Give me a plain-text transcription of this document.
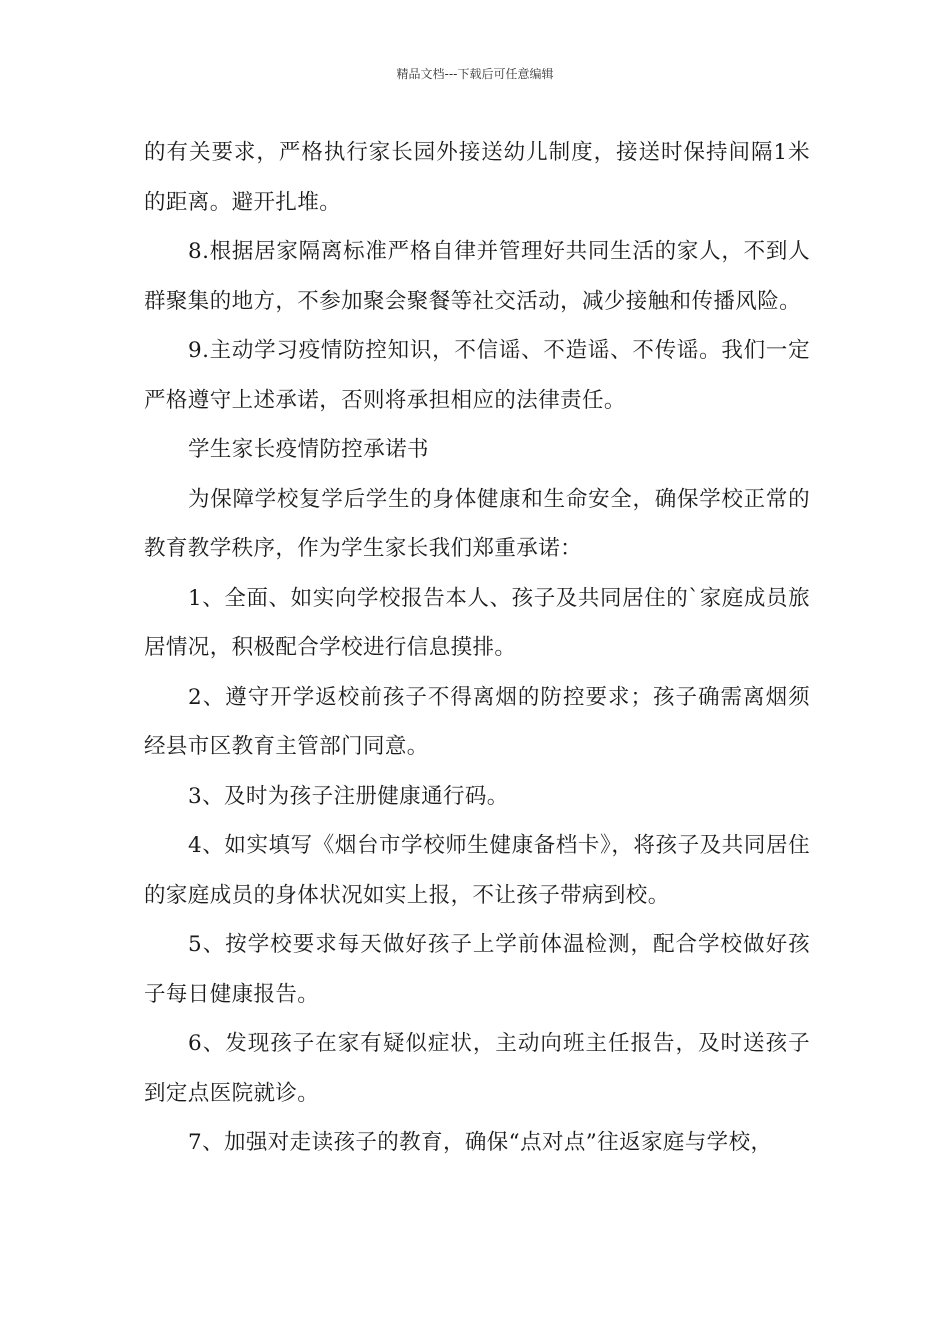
精品文档---下载后可任意编辑

的有关要求，严格执行家长园外接送幼儿制度，接送时保持间隔1米的距离。避开扎堆。

8.根据居家隔离标准严格自律并管理好共同生活的家人，不到人群聚集的地方，不参加聚会聚餐等社交活动，减少接触和传播风险。

9.主动学习疫情防控知识，不信谣、不造谣、不传谣。我们一定严格遵守上述承诺，否则将承担相应的法律责任。

学生家长疫情防控承诺书

为保障学校复学后学生的身体健康和生命安全，确保学校正常的教育教学秩序，作为学生家长我们郑重承诺：

1、全面、如实向学校报告本人、孩子及共同居住的`家庭成员旅居情况，积极配合学校进行信息摸排。

2、遵守开学返校前孩子不得离烟的防控要求；孩子确需离烟须经县市区教育主管部门同意。

3、及时为孩子注册健康通行码。

4、如实填写《烟台市学校师生健康备档卡》，将孩子及共同居住的家庭成员的身体状况如实上报，不让孩子带病到校。

5、按学校要求每天做好孩子上学前体温检测，配合学校做好孩子每日健康报告。

6、发现孩子在家有疑似症状，主动向班主任报告，及时送孩子到定点医院就诊。

7、加强对走读孩子的教育，确保“点对点”往返家庭与学校，
